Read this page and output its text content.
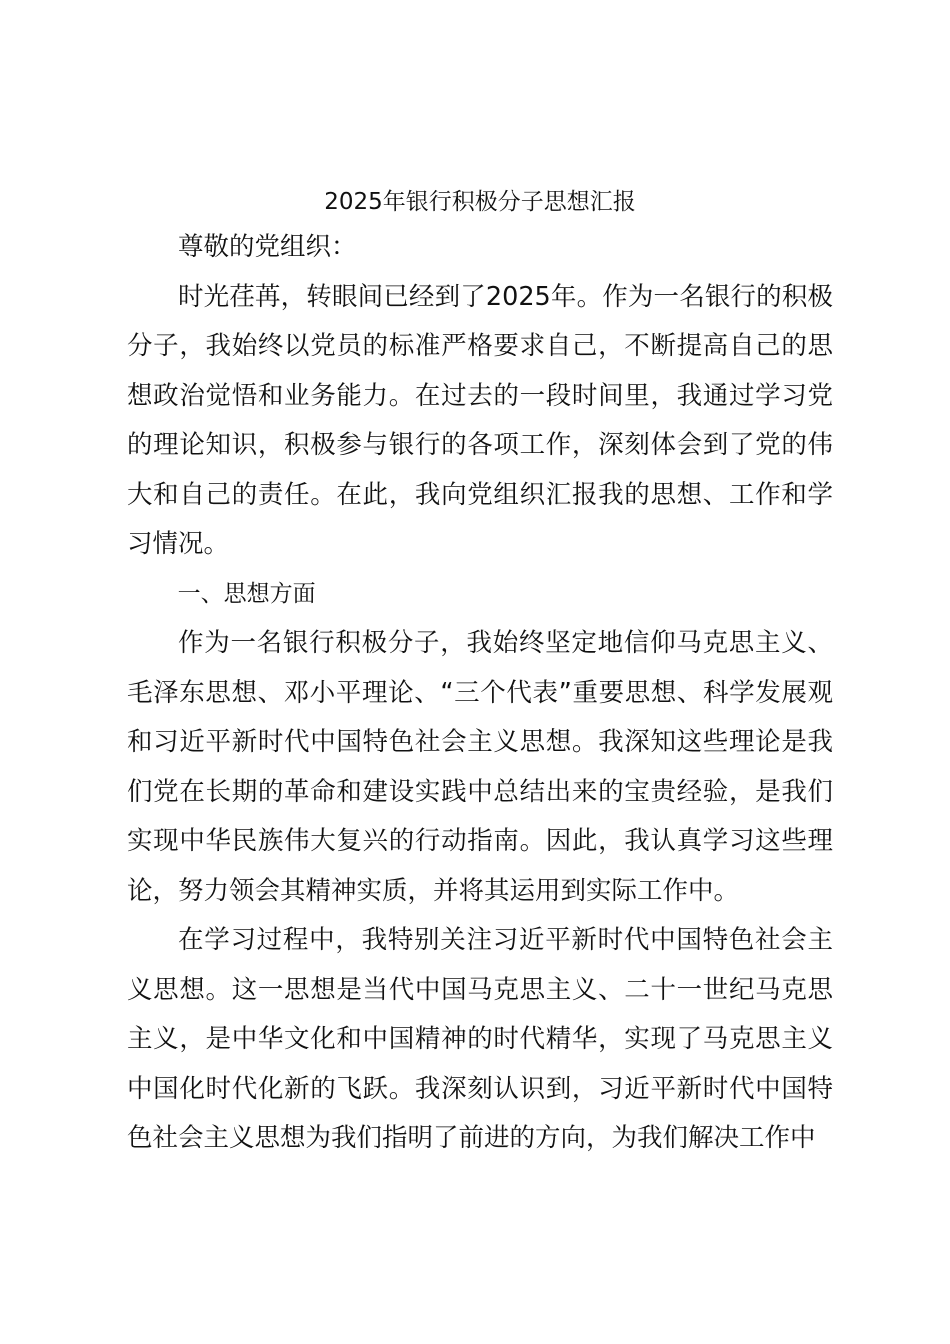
2025年银行积极分子思想汇报

尊敬的党组织：

时光荏苒，转眼间已经到了2025年。作为一名银行的积极分子，我始终以党员的标准严格要求自己，不断提高自己的思想政治觉悟和业务能力。在过去的一段时间里，我通过学习党的理论知识，积极参与银行的各项工作，深刻体会到了党的伟大和自己的责任。在此，我向党组织汇报我的思想、工作和学习情况。

一、思想方面

作为一名银行积极分子，我始终坚定地信仰马克思主义、毛泽东思想、邓小平理论、“三个代表”重要思想、科学发展观和习近平新时代中国特色社会主义思想。我深知这些理论是我们党在长期的革命和建设实践中总结出来的宝贵经验，是我们实现中华民族伟大复兴的行动指南。因此，我认真学习这些理论，努力领会其精神实质，并将其运用到实际工作中。

在学习过程中，我特别关注习近平新时代中国特色社会主义思想。这一思想是当代中国马克思主义、二十一世纪马克思主义，是中华文化和中国精神的时代精华，实现了马克思主义中国化时代化新的飞跃。我深刻认识到，习近平新时代中国特色社会主义思想为我们指明了前进的方向，为我们解决工作中
